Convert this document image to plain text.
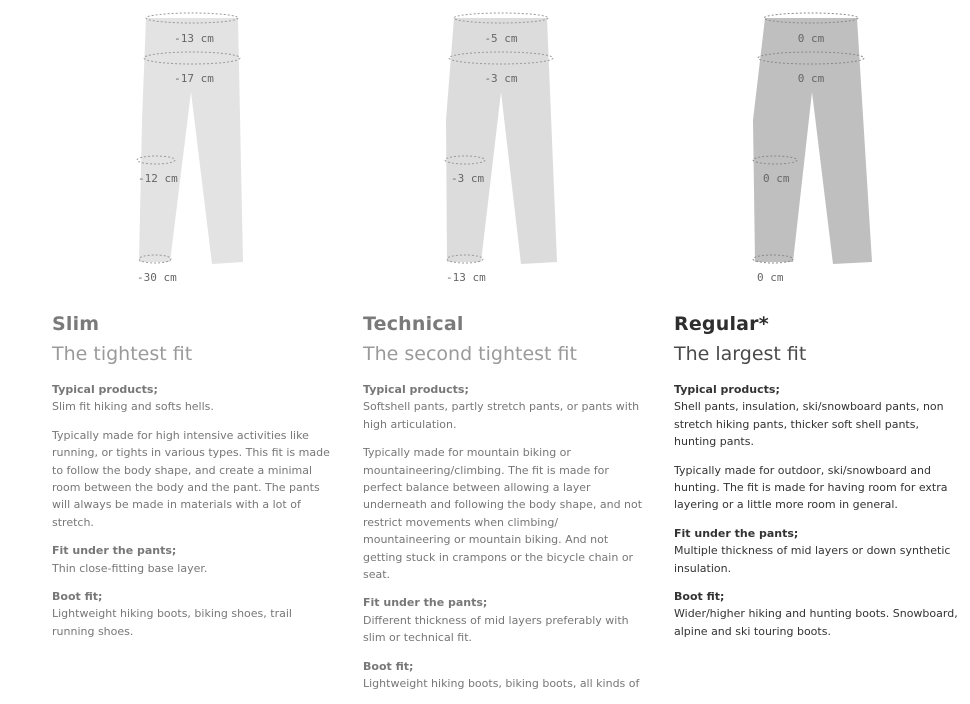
-13 cm
-17 cm
-12 cm
-30 cm
Slim
The tightest fit

Typical products;
Slim fit hiking and softs hells.

Typically made for high intensive activities like running, or tights in various types. This fit is made to follow the body shape, and create a minimal room between the body and the pant. The pants will always be made in materials with a lot of stretch.

Fit under the pants;
Thin close-fitting base layer.

Boot fit;
Lightweight hiking boots, biking shoes, trail running shoes.

-5 cm
-3 cm
-3 cm
-13 cm
Technical
The second tightest fit

Typical products;
Softshell pants, partly stretch pants, or pants with high articulation.

Typically made for mountain biking or mountaineering/climbing. The fit is made for perfect balance between allowing a layer underneath and following the body shape, and not restrict movements when climbing/ mountaineering or mountain biking. And not getting stuck in crampons or the bicycle chain or seat.

Fit under the pants;
Different thickness of mid layers preferably with slim or technical fit.

Boot fit;
Lightweight hiking boots, biking boots, all kinds of

0 cm
0 cm
0 cm
0 cm
Regular*
The largest fit

Typical products;
Shell pants, insulation, ski/snowboard pants, non stretch hiking pants, thicker soft shell pants, hunting pants.

Typically made for outdoor, ski/snowboard and hunting. The fit is made for having room for extra layering or a little more room in general.

Fit under the pants;
Multiple thickness of mid layers or down synthetic insulation.

Boot fit;
Wider/higher hiking and hunting boots. Snowboard, alpine and ski touring boots.
